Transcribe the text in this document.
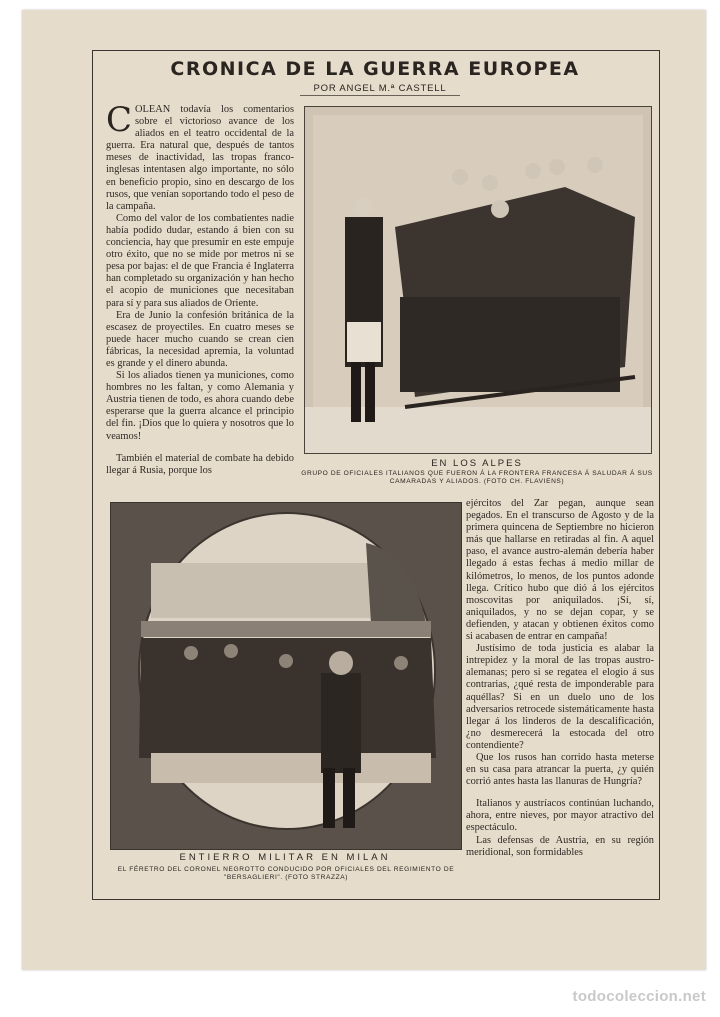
CRONICA DE LA GUERRA EUROPEA
POR ANGEL M.ª CASTELL

COLEAN todavía los comentarios sobre el victorioso avance de los aliados en el teatro occidental de la guerra. Era natural que, después de tantos meses de inactividad, las tropas franco-inglesas intentasen algo importante, no sólo en beneficio propio, sino en descargo de los rusos, que venían soportando todo el peso de la campaña.

Como del valor de los combatientes nadie había podido dudar, estando á bien con su conciencia, hay que presumir en este empuje otro éxito, que no se mide por metros ni se pesa por bajas: el de que Francia é Inglaterra han completado su organización y han hecho el acopio de municiones que necesitaban para sí y para sus aliados de Oriente.

Era de Junio la confesión británica de la escasez de proyectiles. En cuatro meses se puede hacer mucho cuando se crean cien fábricas, la necesidad apremia, la voluntad es grande y el dinero abunda.

Si los aliados tienen ya municiones, como hombres no les faltan, y como Alemania y Austria tienen de todo, es ahora cuando debe esperarse que la guerra alcance el principio del fin. ¡Dios que lo quiera y nosotros que lo veamos!

También el material de combate ha debido llegar á Rusia, porque los

EN LOS ALPES
GRUPO DE OFICIALES ITALIANOS QUE FUERON Á LA FRONTERA FRANCESA Á SALUDAR Á SUS CAMARADAS Y ALIADOS. (FOTO CH. FLAVIENS)
ENTIERRO MILITAR EN MILAN
EL FÉRETRO DEL CORONEL NEGROTTO CONDUCIDO POR OFICIALES DEL REGIMIENTO DE "BERSAGLIERI". (FOTO STRAZZA)

ejércitos del Zar pegan, aunque sean pegados. En el transcurso de Agosto y de la primera quincena de Septiembre no hicieron más que hallarse en retiradas al fin. A aquel paso, el avance austro-alemán debería haber llegado á estas fechas á medio millar de kilómetros, lo menos, de los puntos adonde llega. Crítico hubo que dió á los ejércitos moscovitas por aniquilados. ¡Sí, sí, aniquilados, y no se dejan copar, y se defienden, y atacan y obtienen éxitos como si acabasen de entrar en campaña!

Justísimo de toda justicia es alabar la intrepidez y la moral de las tropas austro-alemanas; pero si se regatea el elogio á sus contrarias, ¿qué resta de imponderable para aquéllas? Si en un duelo uno de los adversarios retrocede sistemáticamente hasta llegar á los linderos de la descalificación, ¿no desmerecerá la estocada del otro contendiente?

Que los rusos han corrido hasta meterse en su casa para atrancar la puerta, ¿y quién corrió antes hasta las llanuras de Hungría?

Italianos y austríacos continúan luchando, ahora, entre nieves, por mayor atractivo del espectáculo.

Las defensas de Austria, en su región meridional, son formidables

todocoleccion.net
